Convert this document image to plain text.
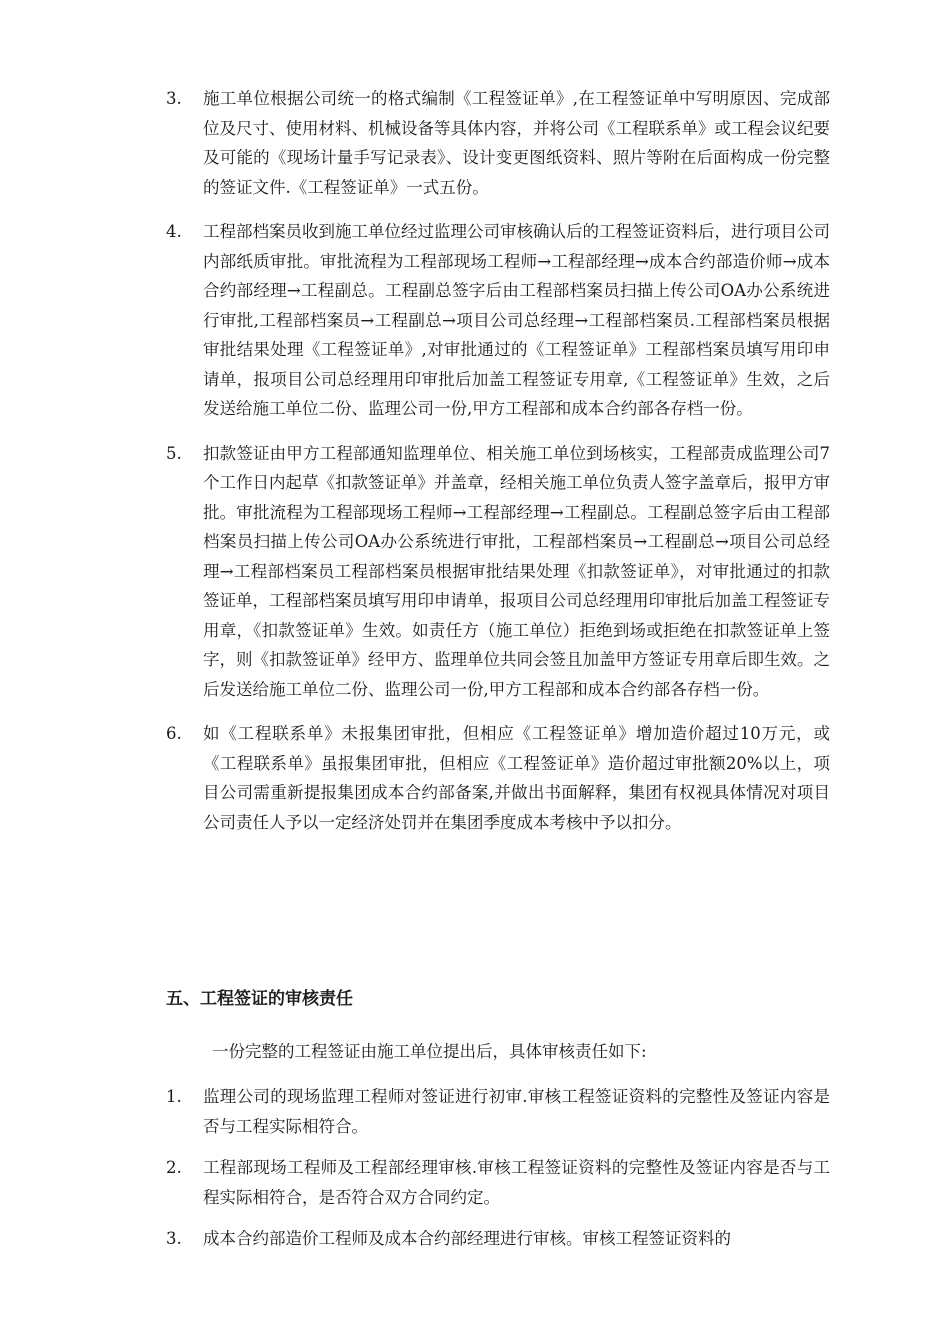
3.	施工单位根据公司统一的格式编制《工程签证单》,在工程签证单中写明原因、完成部位及尺寸、使用材料、机械设备等具体内容，并将公司《工程联系单》或工程会议纪要及可能的《现场计量手写记录表》、设计变更图纸资料、照片等附在后面构成一份完整的签证文件.《工程签证单》一式五份。
4.	工程部档案员收到施工单位经过监理公司审核确认后的工程签证资料后，进行项目公司内部纸质审批。审批流程为工程部现场工程师→工程部经理→成本合约部造价师→成本合约部经理→工程副总。工程副总签字后由工程部档案员扫描上传公司OA办公系统进行审批,工程部档案员→工程副总→项目公司总经理→工程部档案员.工程部档案员根据审批结果处理《工程签证单》,对审批通过的《工程签证单》工程部档案员填写用印申请单，报项目公司总经理用印审批后加盖工程签证专用章,《工程签证单》生效，之后发送给施工单位二份、监理公司一份,甲方工程部和成本合约部各存档一份。
5.	扣款签证由甲方工程部通知监理单位、相关施工单位到场核实，工程部责成监理公司7个工作日内起草《扣款签证单》并盖章，经相关施工单位负责人签字盖章后，报甲方审批。审批流程为工程部现场工程师→工程部经理→工程副总。工程副总签字后由工程部档案员扫描上传公司OA办公系统进行审批，工程部档案员→工程副总→项目公司总经理→工程部档案员工程部档案员根据审批结果处理《扣款签证单》，对审批通过的扣款签证单，工程部档案员填写用印申请单，报项目公司总经理用印审批后加盖工程签证专用章，《扣款签证单》生效。如责任方（施工单位）拒绝到场或拒绝在扣款签证单上签字，则《扣款签证单》经甲方、监理单位共同会签且加盖甲方签证专用章后即生效。之后发送给施工单位二份、监理公司一份,甲方工程部和成本合约部各存档一份。
6.	如《工程联系单》未报集团审批，但相应《工程签证单》增加造价超过10万元，或《工程联系单》虽报集团审批，但相应《工程签证单》造价超过审批额20%以上，项目公司需重新提报集团成本合约部备案,并做出书面解释，集团有权视具体情况对项目公司责任人予以一定经济处罚并在集团季度成本考核中予以扣分。
五、工程签证的审核责任

一份完整的工程签证由施工单位提出后，具体审核责任如下:

1.	监理公司的现场监理工程师对签证进行初审.审核工程签证资料的完整性及签证内容是否与工程实际相符合。
2.	工程部现场工程师及工程部经理审核.审核工程签证资料的完整性及签证内容是否与工程实际相符合，是否符合双方合同约定。
3.	成本合约部造价工程师及成本合约部经理进行审核。审核工程签证资料的
